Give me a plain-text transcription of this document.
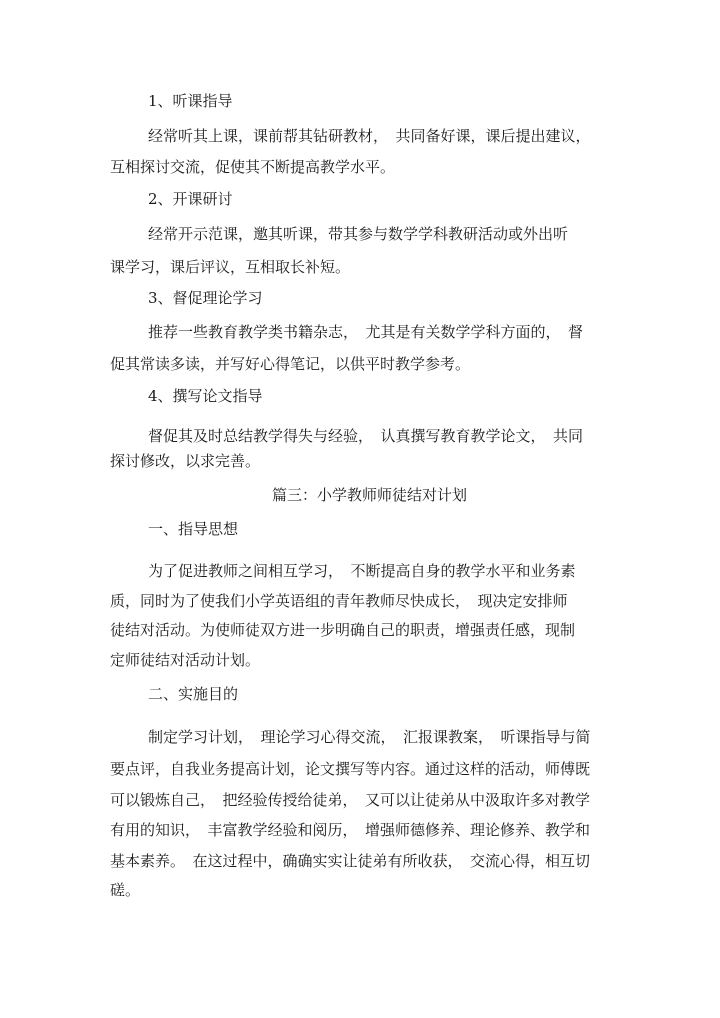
1、听课指导
经常听其上课，课前帮其钻研教材，　共同备好课，课后提出建议，
互相探讨交流，促使其不断提高教学水平。
2、开课研讨
经常开示范课，邀其听课，带其参与数学学科教研活动或外出听
课学习，课后评议，互相取长补短。
3、督促理论学习
推荐一些教育教学类书籍杂志，　尤其是有关数学学科方面的，　督
促其常读多读，并写好心得笔记，以供平时教学参考。
4、撰写论文指导
督促其及时总结教学得失与经验，　认真撰写教育教学论文，　共同
探讨修改，以求完善。
篇三：小学教师师徒结对计划
一、指导思想
为了促进教师之间相互学习，　不断提高自身的教学水平和业务素
质，同时为了使我们小学英语组的青年教师尽快成长，　现决定安排师
徒结对活动。为使师徒双方进一步明确自己的职责，增强责任感，现制
定师徒结对活动计划。
二、实施目的
制定学习计划，　理论学习心得交流，　汇报课教案，　听课指导与简
要点评，自我业务提高计划，论文撰写等内容。通过这样的活动，师傅既
可以锻炼自己，　把经验传授给徒弟，　又可以让徒弟从中汲取许多对教学
有用的知识，　丰富教学经验和阅历，　增强师德修养、理论修养、教学和
基本素养。　在这过程中，确确实实让徒弟有所收获，　交流心得，相互切
磋。
